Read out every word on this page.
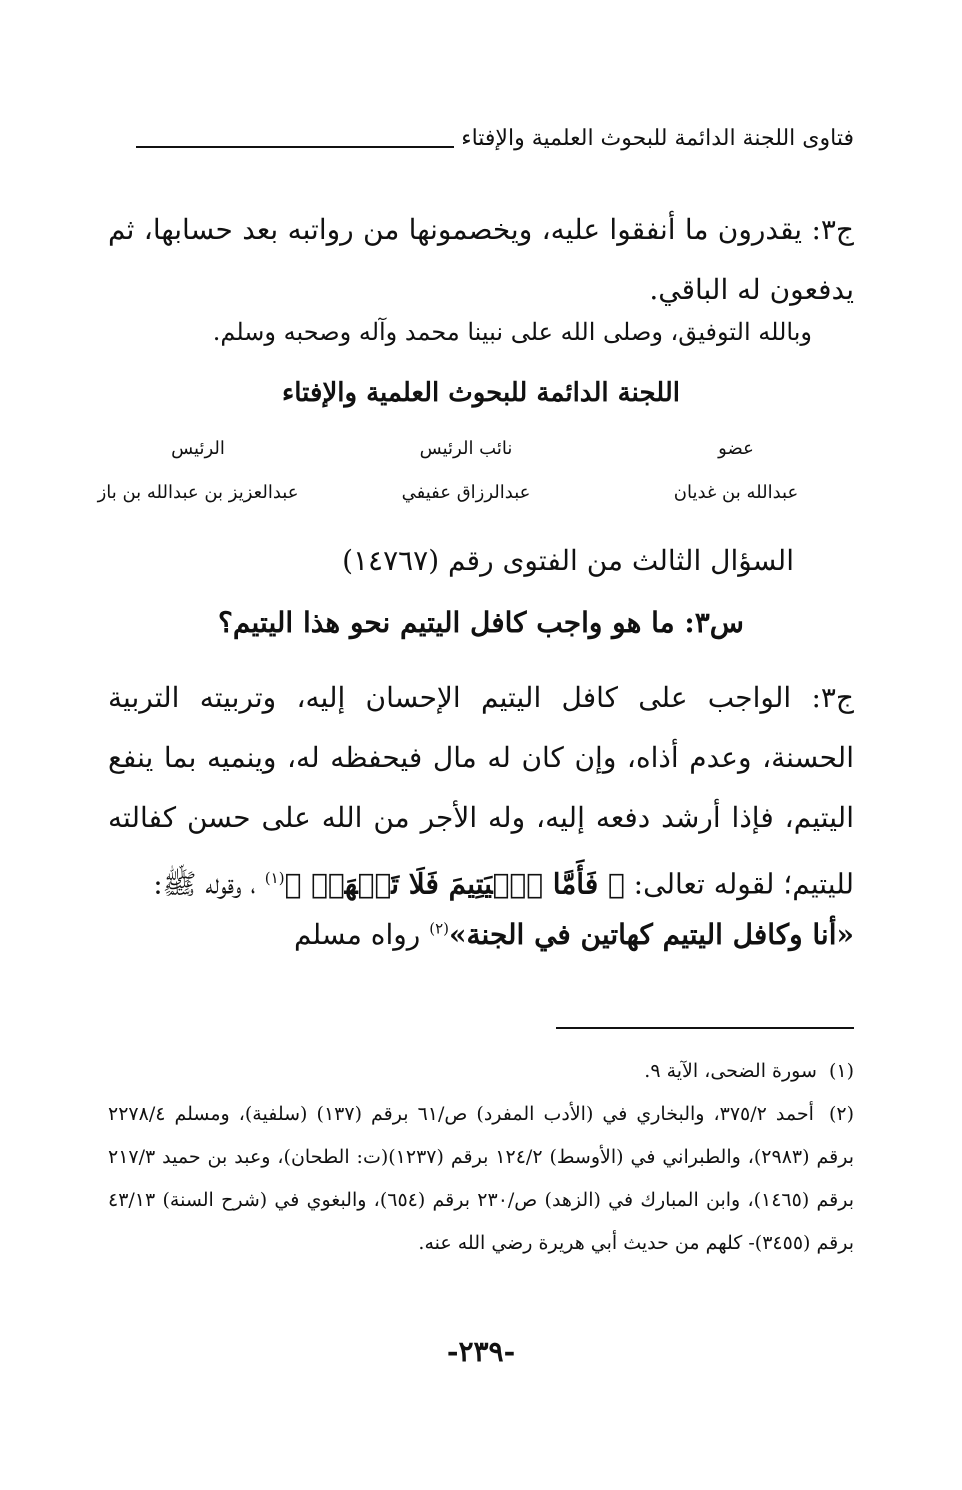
فتاوى اللجنة الدائمة للبحوث العلمية والإفتاء
ج٣: يقدرون ما أنفقوا عليه، ويخصمونها من رواتبه بعد حسابها، ثم يدفعون له الباقي.
وبالله التوفيق، وصلى الله على نبينا محمد وآله وصحبه وسلم.
اللجنة الدائمة للبحوث العلمية والإفتاء
عضو
نائب الرئيس
الرئيس
عبدالله بن غديان
عبدالرزاق عفيفي
عبدالعزيز بن عبدالله بن باز
السؤال الثالث من الفتوى رقم (١٤٧٦٧)
س٣: ما هو واجب كافل اليتيم نحو هذا اليتيم؟
ج٣: الواجب على كافل اليتيم الإحسان إليه، وتربيته التربية الحسنة، وعدم أذاه، وإن كان له مال فيحفظه له، وينميه بما ينفع اليتيم، فإذا أرشد دفعه إليه، وله الأجر من الله على حسن كفالته لليتيم؛ لقوله تعالى: ﴿ فَأَمَّا ٱلۡيَتِيمَ فَلَا تَقۡهَرۡ ﴾$^{(١)}$ ، وقوله ﷺ:
«أنا وكافل اليتيم كهاتين في الجنة»$^{(٢)}$ رواه مسلم
(١) سورة الضحى، الآية ٩.
(٢) أحمد ٣٧٥/٢، والبخاري في (الأدب المفرد) ص/٦١ برقم (١٣٧) (سلفية)، ومسلم ٢٢٧٨/٤ برقم (٢٩٨٣)، والطبراني في (الأوسط) ١٢٤/٢ برقم (١٢٣٧)(ت: الطحان)، وعبد بن حميد ٢١٧/٣ برقم (١٤٦٥)، وابن المبارك في (الزهد) ص/٢٣٠ برقم (٦٥٤)، والبغوي في (شرح السنة) ٤٣/١٣ برقم (٣٤٥٥)- كلهم من حديث أبي هريرة رضي الله عنه.
-٢٣٩-
